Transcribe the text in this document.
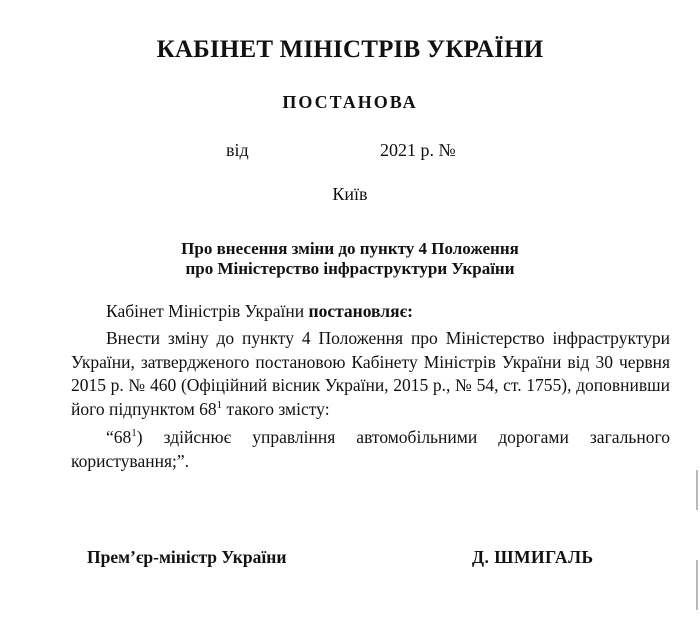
КАБІНЕТ МІНІСТРІВ УКРАЇНИ
ПОСТАНОВА
від	2021 р. №
Київ
Про внесення зміни до пункту 4 Положення
про Міністерство інфраструктури України
Кабінет Міністрів України постановляє:
Внести зміну до пункту 4 Положення про Міністерство інфраструктури України, затвердженого постановою Кабінету Міністрів України від 30 червня 2015 р. № 460 (Офіційний вісник України, 2015 р., № 54, ст. 1755), доповнивши його підпунктом $68^1$ такого змісту:
“$68^1$) здійснює управління автомобільними дорогами загального користування;”.
Прем’єр-міністр України	Д. ШМИГАЛЬ
